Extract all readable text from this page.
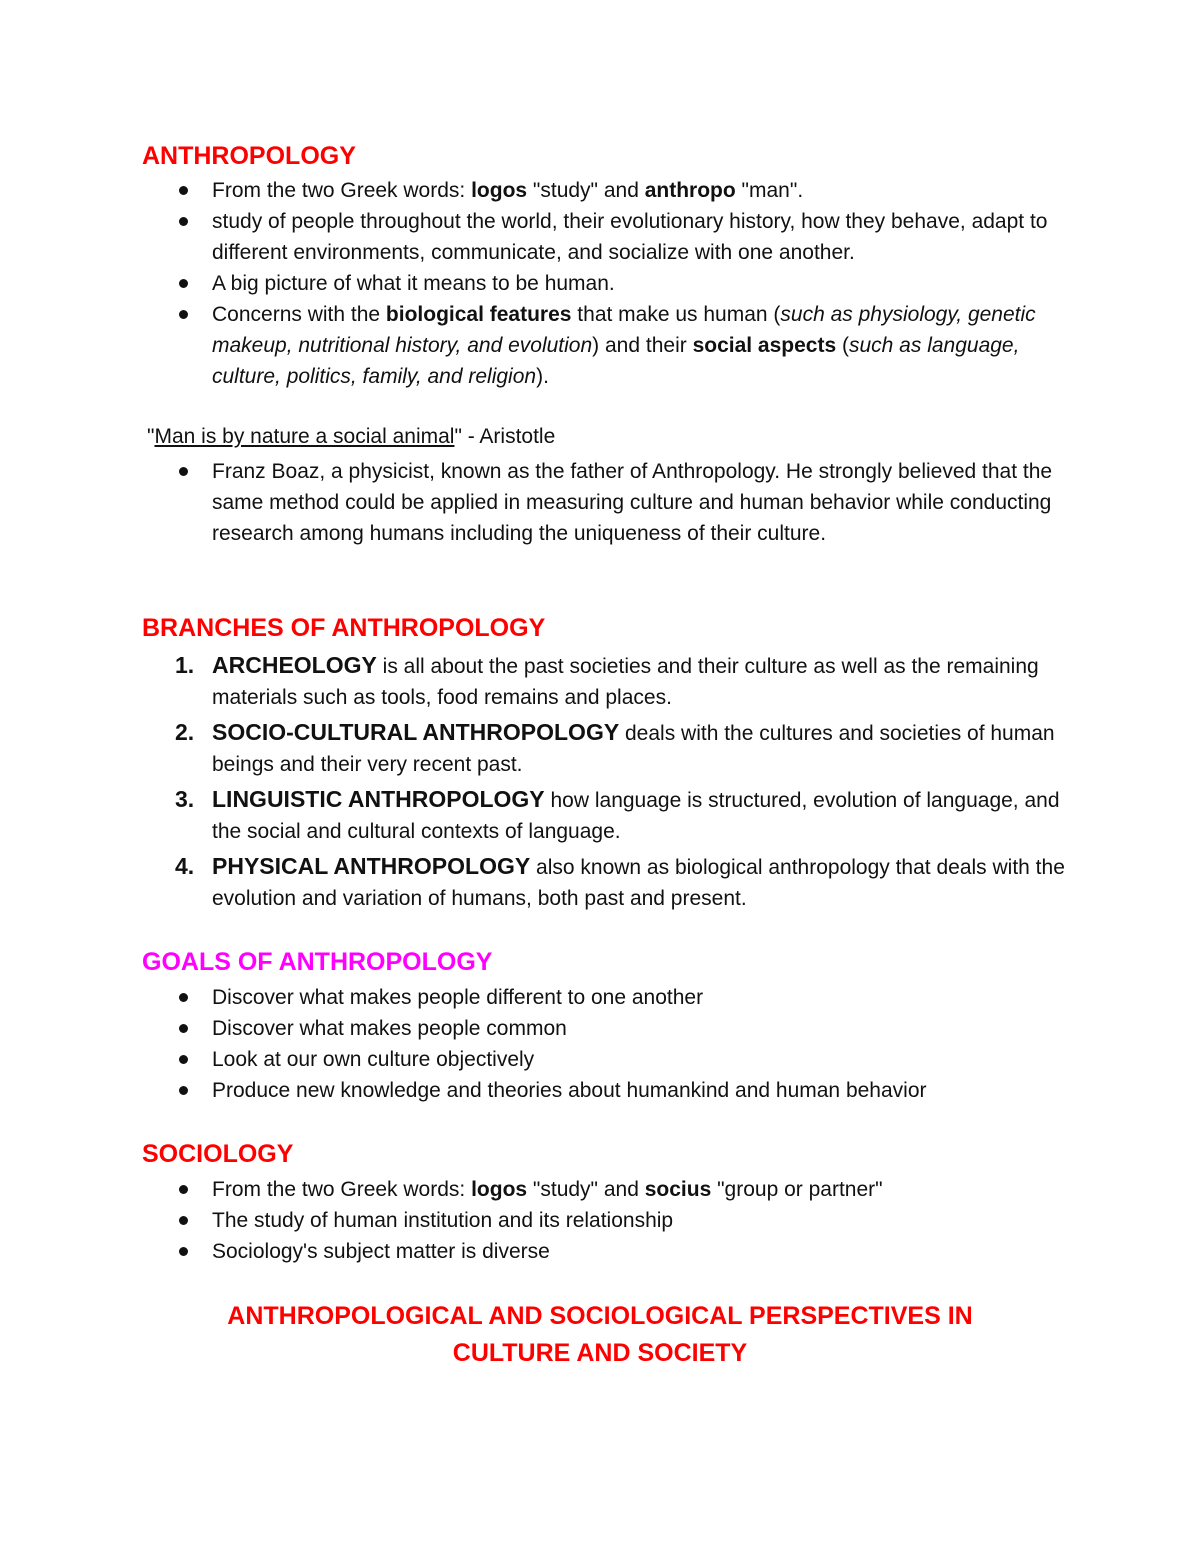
ANTHROPOLOGY
From the two Greek words: logos "study" and anthropo "man".
study of people throughout the world, their evolutionary history, how they behave, adapt to different environments, communicate, and socialize with one another.
A big picture of what it means to be human.
Concerns with the biological features that make us human (such as physiology, genetic makeup, nutritional history, and evolution) and their social aspects (such as language, culture, politics, family, and religion).

"Man is by nature a social animal" - Aristotle

Franz Boaz, a physicist, known as the father of Anthropology. He strongly believed that the same method could be applied in measuring culture and human behavior while conducting research among humans including the uniqueness of their culture.
BRANCHES OF ANTHROPOLOGY
1. ARCHEOLOGY is all about the past societies and their culture as well as the remaining materials such as tools, food remains and places.
2. SOCIO-CULTURAL ANTHROPOLOGY deals with the cultures and societies of human beings and their very recent past.
3. LINGUISTIC ANTHROPOLOGY how language is structured, evolution of language, and the social and cultural contexts of language.
4. PHYSICAL ANTHROPOLOGY also known as biological anthropology that deals with the evolution and variation of humans, both past and present.
GOALS OF ANTHROPOLOGY
Discover what makes people different to one another
Discover what makes people common
Look at our own culture objectively
Produce new knowledge and theories about humankind and human behavior
SOCIOLOGY
From the two Greek words: logos "study" and socius "group or partner"
The study of human institution and its relationship
Sociology's subject matter is diverse

ANTHROPOLOGICAL AND SOCIOLOGICAL PERSPECTIVES IN
CULTURE AND SOCIETY
